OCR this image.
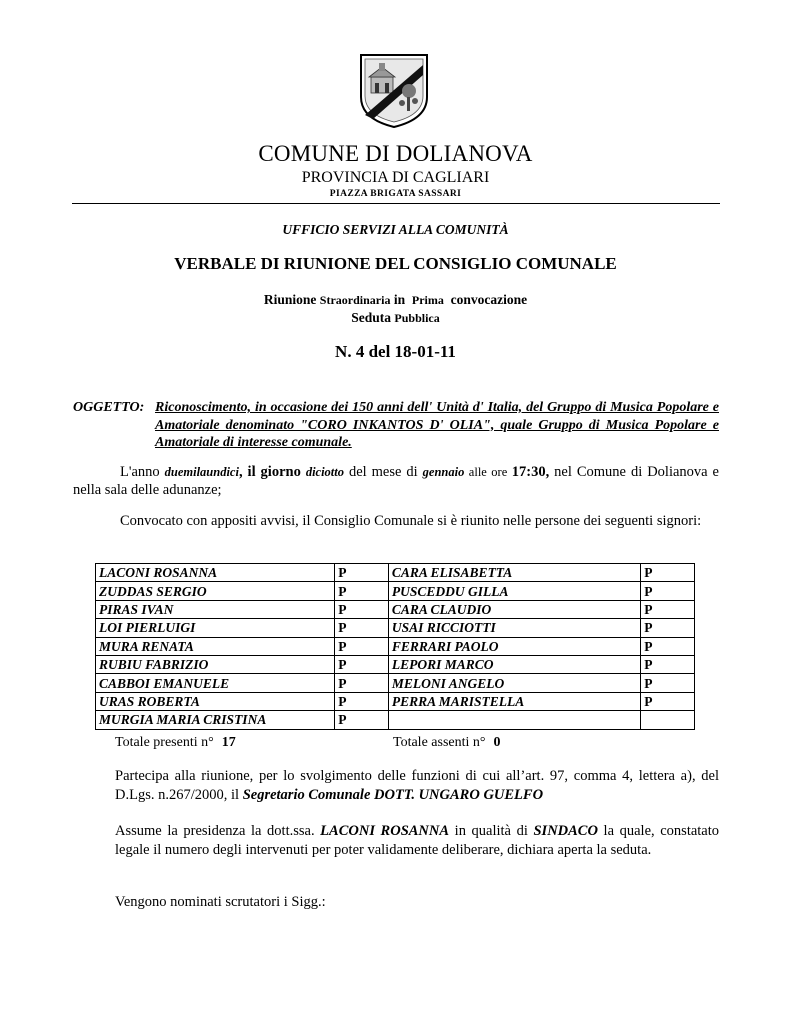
COMUNE DI DOLIANOVA
PROVINCIA DI CAGLIARI
PIAZZA BRIGATA SASSARI
UFFICIO SERVIZI ALLA COMUNITÀ
VERBALE DI RIUNIONE DEL CONSIGLIO COMUNALE
Riunione Straordinaria in Prima convocazione
Seduta Pubblica
N. 4 del 18-01-11
OGGETTO: Riconoscimento, in occasione dei 150 anni dell' Unità d' Italia, del Gruppo di Musica Popolare e Amatoriale denominato "CORO INKANTOS D' OLIA", quale Gruppo di Musica Popolare e Amatoriale di interesse comunale.
L'anno duemilaundici, il giorno diciotto del mese di gennaio alle ore 17:30, nel Comune di Dolianova e nella sala delle adunanze;
Convocato con appositi avvisi, il Consiglio Comunale si è riunito nelle persone dei seguenti signori:
LACONI ROSANNA	P	CARA ELISABETTA	P
ZUDDAS SERGIO	P	PUSCEDDU GILLA	P
PIRAS IVAN	P	CARA CLAUDIO	P
LOI PIERLUIGI	P	USAI RICCIOTTI	P
MURA RENATA	P	FERRARI PAOLO	P
RUBIU FABRIZIO	P	LEPORI MARCO	P
CABBOI EMANUELE	P	MELONI ANGELO	P
URAS ROBERTA	P	PERRA MARISTELLA	P
MURGIA MARIA CRISTINA	P		
Totale presenti n° 17	Totale assenti n° 0
Partecipa alla riunione, per lo svolgimento delle funzioni di cui all’art. 97, comma 4, lettera a), del D.Lgs. n.267/2000, il Segretario Comunale DOTT. UNGARO GUELFO
Assume la presidenza la dott.ssa. LACONI ROSANNA in qualità di SINDACO la quale, constatato legale il numero degli intervenuti per poter validamente deliberare, dichiara aperta la seduta.
Vengono nominati scrutatori i Sigg.:
